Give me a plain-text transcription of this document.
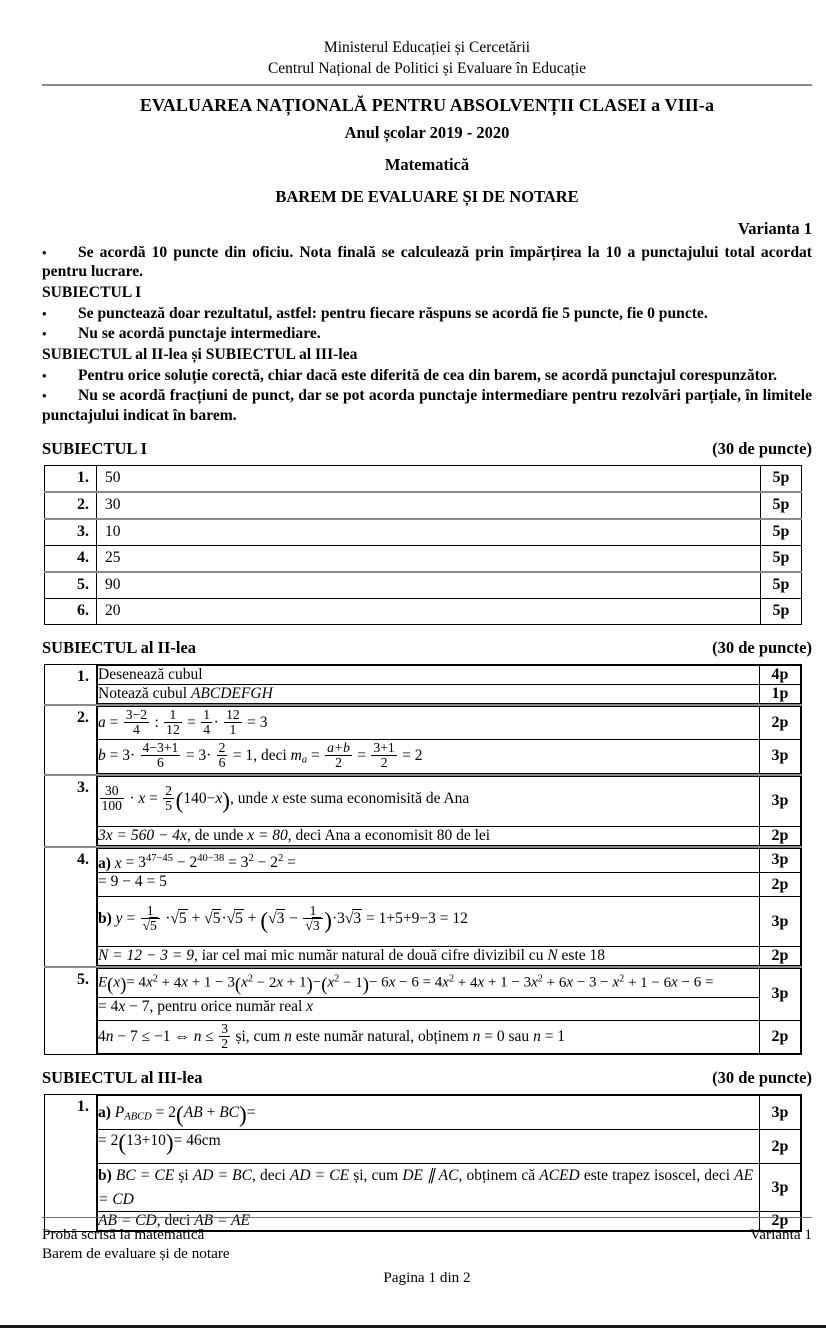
Ministerul Educației și Cercetării
Centrul Național de Politici și Evaluare în Educație
EVALUAREA NAȚIONALĂ PENTRU ABSOLVENȚII CLASEI a VIII-a
Anul școlar 2019 - 2020
Matematică
BAREM DE EVALUARE ȘI DE NOTARE
Varianta 1
•Se acordă 10 puncte din oficiu. Nota finală se calculează prin împărțirea la 10 a punctajului total acordat pentru lucrare.
SUBIECTUL I
•Se punctează doar rezultatul, astfel: pentru fiecare răspuns se acordă fie 5 puncte, fie 0 puncte.
•Nu se acordă punctaje intermediare.
SUBIECTUL al II-lea și SUBIECTUL al III-lea
•Pentru orice soluție corectă, chiar dacă este diferită de cea din barem, se acordă punctajul corespunzător.
•Nu se acordă fracțiuni de punct, dar se pot acorda punctaje intermediare pentru rezolvări parțiale, în limitele punctajului indicat în barem.
SUBIECTUL I	(30 de puncte)
1.	50	5p
2.	30	5p
3.	10	5p
4.	25	5p
5.	90	5p
6.	20	5p
SUBIECTUL al II-lea	(30 de puncte)
1.	Desenează cubul	4p
Notează cubul ABCDEFGH	1p

2.	$a = \frac{3-2}{4}$ : $\frac{1}{12} = \frac{1}{4} \cdot \frac{12}{1} = 3$	2p
$b = 3\cdot \frac{4-3+1}{6} = 3\cdot \frac{2}{6} = 1$, deci $m_a = \frac{a+b}{2} = \frac{3+1}{2} = 2$	3p

3.	$\frac{30}{100} \cdot x = \frac{2}{5} (140-x)$, unde x este suma economisită de Ana	3p
3x = 560 − 4x, de unde x = 80, deci Ana a economisit 80 de lei	2p

4.	a) $x = 3^{47-45} - 2^{40-38} = 3^2 - 2^2$ =	3p
= 9 − 4 = 5	2p
b) $y = \frac{1}{√5} \cdot√5 + √5\cdot√5 + (√3 - \frac{1}{√3} )\cdot 3√3 = 1+5+9-3 = 12$	3p
N = 12 − 3 = 9, iar cel mai mic număr natural de două cifre divizibil cu N este 18	2p

5.	$E(x)= 4x^2 + 4x + 1 - 3(x^2 - 2x + 1)-(x^2 - 1)- 6x - 6 = 4x^2 + 4x + 1 - 3x^2 + 6x - 3 - x^2 + 1 - 6x - 6$ =	3p
= 4x − 7, pentru orice număr real x
4n − 7 ≤ −1 ⇔ $n \le \frac{3}{2}$ și, cum n este număr natural, obținem n = 0 sau n = 1	2p
SUBIECTUL al III-lea	(30 de puncte)
1.	a) $P_{ABCD} = 2(AB + BC)=$	3p
= 2(13+10)= 46cm	2p
b) BC = CE și AD = BC, deci AD = CE și, cum DE ∥ AC, obținem că ACED este trapez isoscel, deci AE = CD	3p
AB = CD, deci AB = AE	2p
Probă scrisă la matematică	Varianta 1
Barem de evaluare și de notare
Pagina 1 din 2
